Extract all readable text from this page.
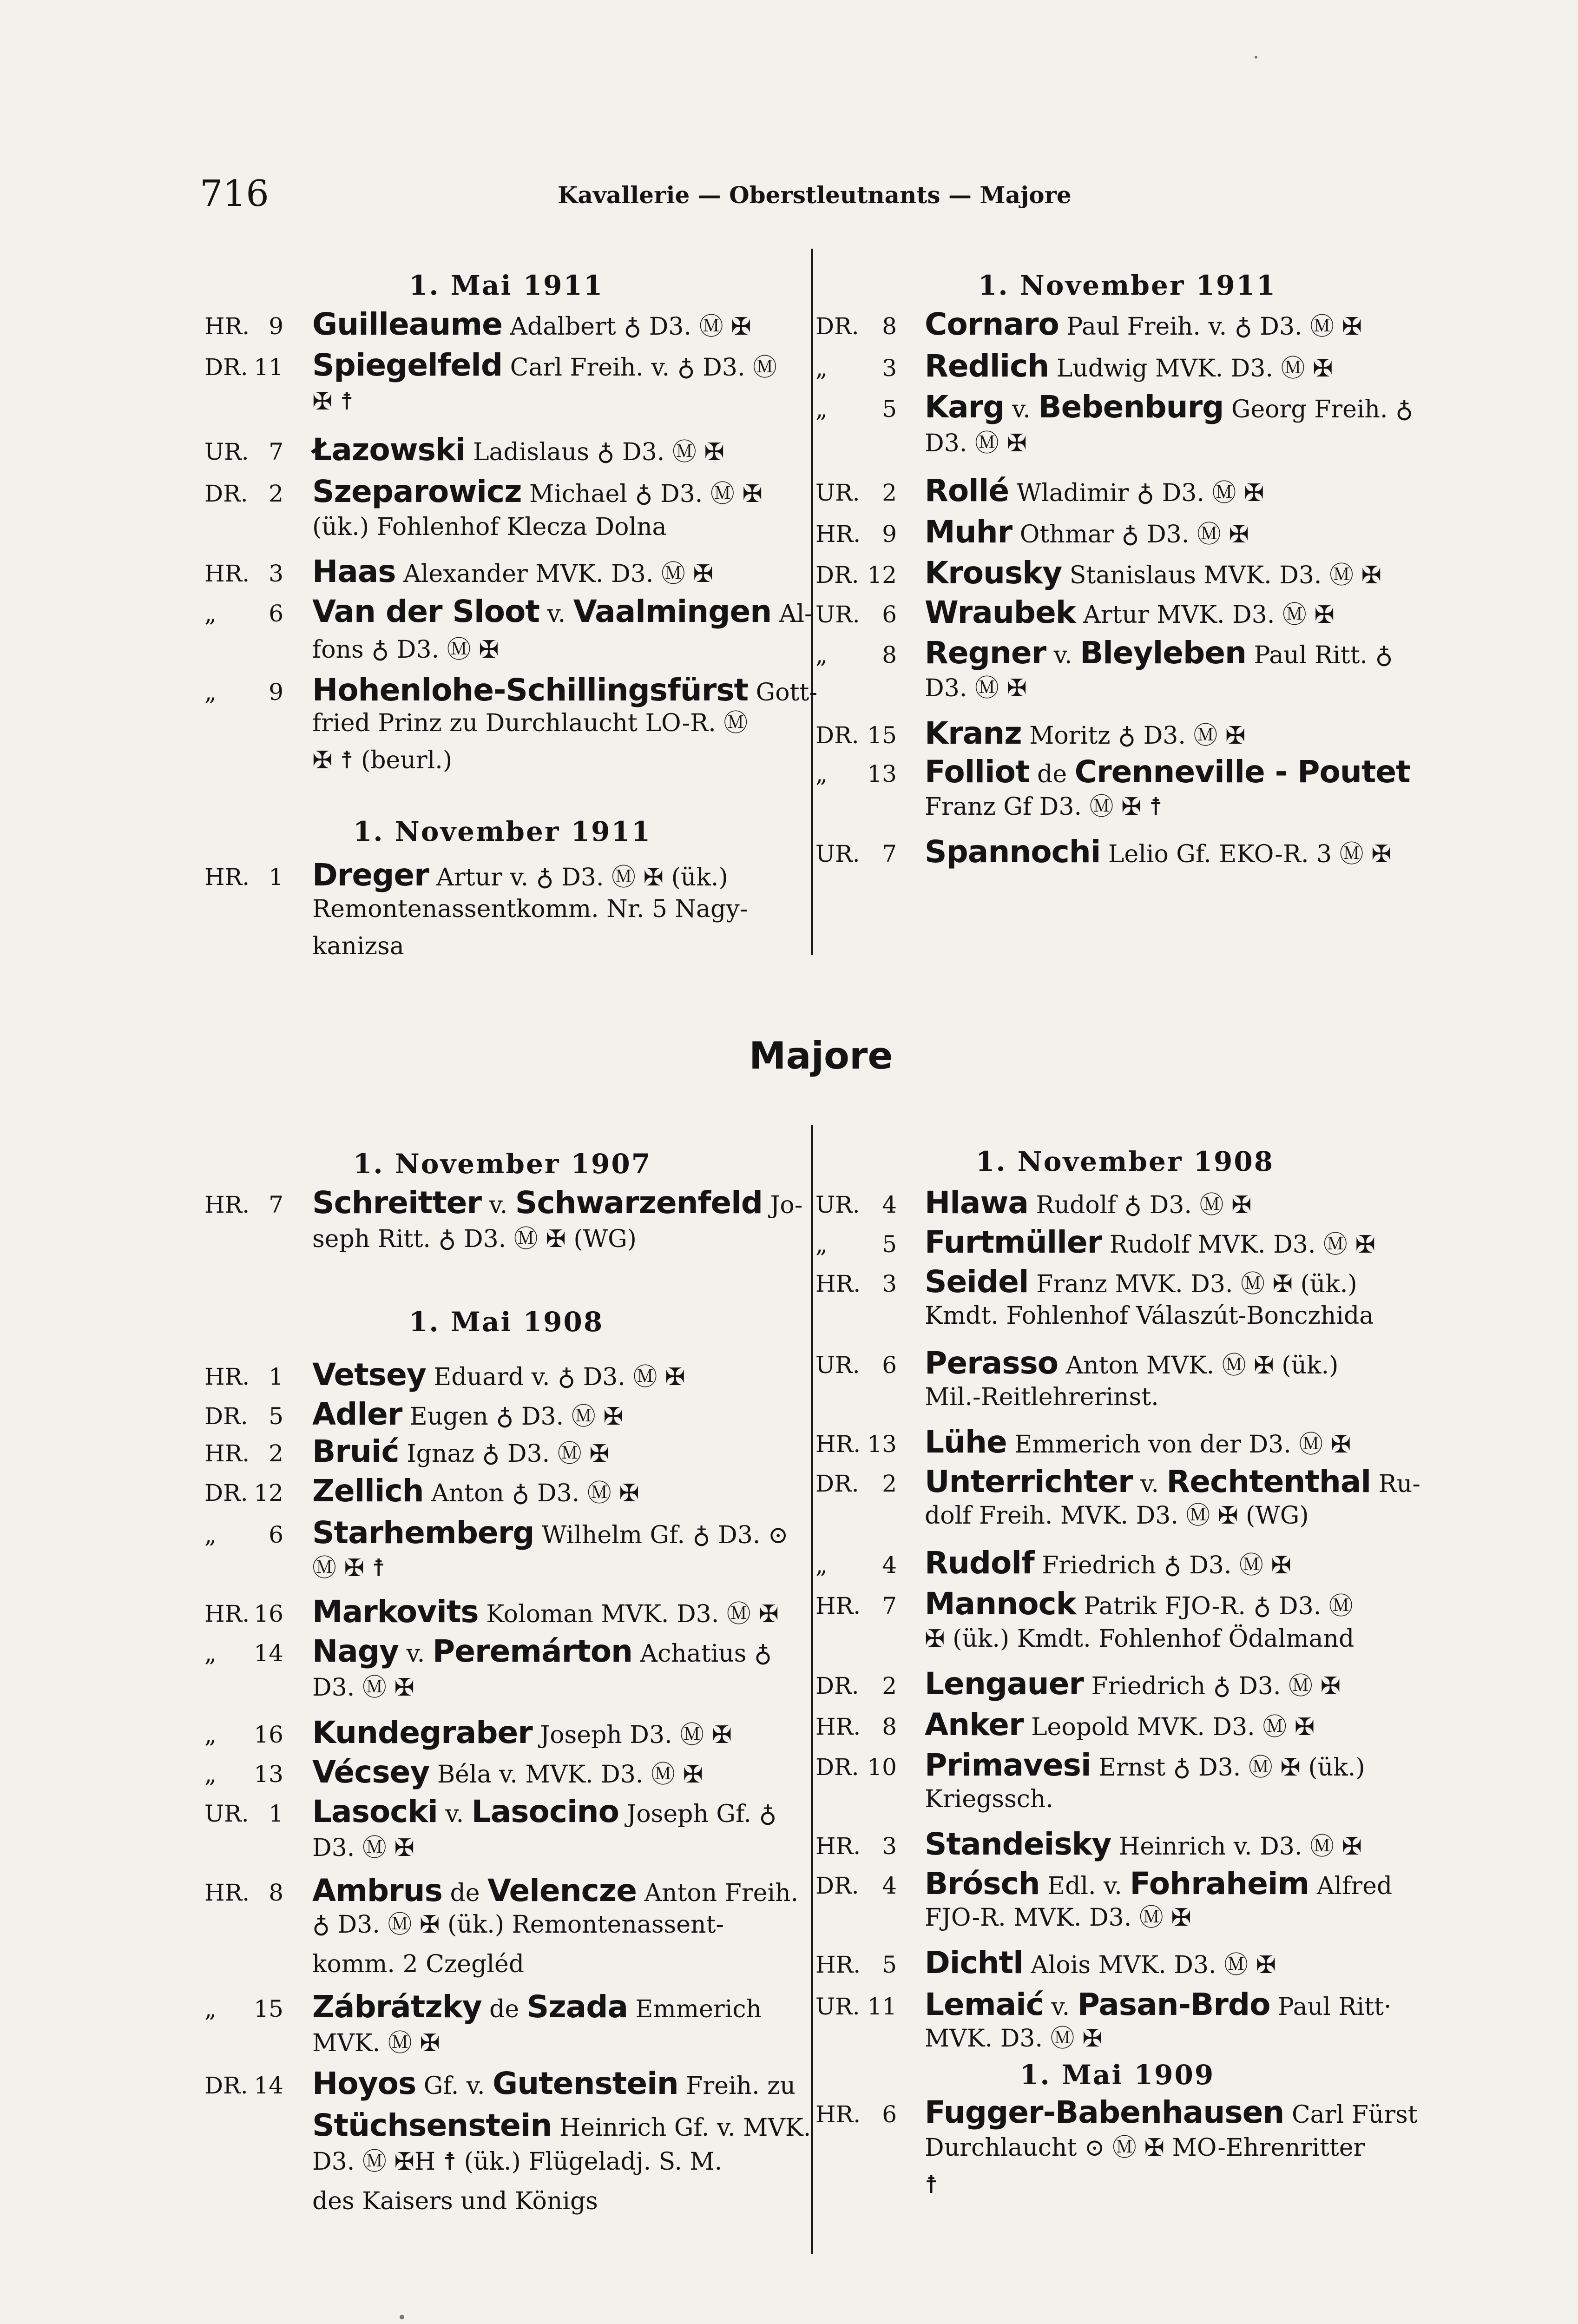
716	Kavallerie — Oberstleutnants — Majore
Majore
1. Mai 1911
1. November 1911
HR. 9 Guilleaume Adalbert ♁ D3. Ⓜ ✠
DR. 11 Spiegelfeld Carl Freih. v. ♁ D3. Ⓜ
✠ ☨
UR. 7 Łazowski Ladislaus ♁ D3. Ⓜ ✠
DR. 2 Szeparowicz Michael ♁ D3. Ⓜ ✠
(ük.) Fohlenhof Klecza Dolna
HR. 3 Haas Alexander MVK. D3. Ⓜ ✠
„	6 Van der Sloot v. Vaalmingen Al-
fons ♁ D3. Ⓜ ✠
„	9 Hohenlohe-Schillingsfürst Gott-
fried Prinz zu Durchlaucht LO-R. Ⓜ
✠ ☨ (beurl.)
HR. 1 Dreger Artur v. ♁ D3. Ⓜ ✠ (ük.)
Remontenassentkomm. Nr. 5 Nagy-
kanizsa
1. November 1911
DR. 8 Cornaro Paul Freih. v. ♁ D3. Ⓜ ✠
„	3 Redlich Ludwig MVK. D3. Ⓜ ✠
„	5 Karg v. Bebenburg Georg Freih. ♁
D3. Ⓜ ✠
UR. 2 Rollé Wladimir ♁ D3. Ⓜ ✠
HR. 9 Muhr Othmar ♁ D3. Ⓜ ✠
DR. 12 Krousky Stanislaus MVK. D3. Ⓜ ✠
UR. 6 Wraubek Artur MVK. D3. Ⓜ ✠
„	8 Regner v. Bleyleben Paul Ritt. ♁
D3. Ⓜ ✠
DR. 15 Kranz Moritz ♁ D3. Ⓜ ✠
„	13 Folliot de Crenneville - Poutet
Franz Gf D3. Ⓜ ✠ ☨
UR. 7 Spannochi Lelio Gf. EKO-R. 3 Ⓜ ✠
1. November 1907
1. Mai 1908
HR. 7 Schreitter v. Schwarzenfeld Jo-
seph Ritt. ♁ D3. Ⓜ ✠ (WG)
HR. 1 Vetsey Eduard v. ♁ D3. Ⓜ ✠
DR. 5 Adler Eugen ♁ D3. Ⓜ ✠
HR. 2 Bruić Ignaz ♁ D3. Ⓜ ✠
DR. 12 Zellich Anton ♁ D3. Ⓜ ✠
„	6 Starhemberg Wilhelm Gf. ♁ D3. ⊙
Ⓜ ✠ ☨
HR. 16 Markovits Koloman MVK. D3. Ⓜ ✠
„	14 Nagy v. Peremárton Achatius ♁
D3. Ⓜ ✠
„	16 Kundegraber Joseph D3. Ⓜ ✠
„	13 Vécsey Béla v. MVK. D3. Ⓜ ✠
UR. 1 Lasocki v. Lasocino Joseph Gf. ♁
D3. Ⓜ ✠
HR. 8 Ambrus de Velencze Anton Freih.
♁ D3. Ⓜ ✠ (ük.) Remontenassent-
komm. 2 Czegléd
„	15 Zábrátzky de Szada Emmerich
MVK. Ⓜ ✠
DR. 14 Hoyos Gf. v. Gutenstein Freih. zu
Stüchsenstein Heinrich Gf. v. MVK.
D3. Ⓜ ✠H ☨ (ük.) Flügeladj. S. M.
des Kaisers und Königs
1. November 1908
1. Mai 1909
UR. 4 Hlawa Rudolf ♁ D3. Ⓜ ✠
„	5 Furtmüller Rudolf MVK. D3. Ⓜ ✠
HR. 3 Seidel Franz MVK. D3. Ⓜ ✠ (ük.)
Kmdt. Fohlenhof Válaszút-Bonczhida
UR. 6 Perasso Anton MVK. Ⓜ ✠ (ük.)
Mil.-Reitlehrerinst.
HR. 13 Lühe Emmerich von der D3. Ⓜ ✠
DR. 2 Unterrichter v. Rechtenthal Ru-
dolf Freih. MVK. D3. Ⓜ ✠ (WG)
„	4 Rudolf Friedrich ♁ D3. Ⓜ ✠
HR. 7 Mannock Patrik FJO-R. ♁ D3. Ⓜ
✠ (ük.) Kmdt. Fohlenhof Ödalmand
DR. 2 Lengauer Friedrich ♁ D3. Ⓜ ✠
HR. 8 Anker Leopold MVK. D3. Ⓜ ✠
DR. 10 Primavesi Ernst ♁ D3. Ⓜ ✠ (ük.)
Kriegssch.
HR. 3 Standeisky Heinrich v. D3. Ⓜ ✠
DR. 4 Brósch Edl. v. Fohraheim Alfred
FJO-R. MVK. D3. Ⓜ ✠
HR. 5 Dichtl Alois MVK. D3. Ⓜ ✠
UR. 11 Lemaić v. Pasan-Brdo Paul Ritt·
MVK. D3. Ⓜ ✠
HR. 6 Fugger-Babenhausen Carl Fürst
Durchlaucht ⊙ Ⓜ ✠ MO-Ehrenritter
☨
